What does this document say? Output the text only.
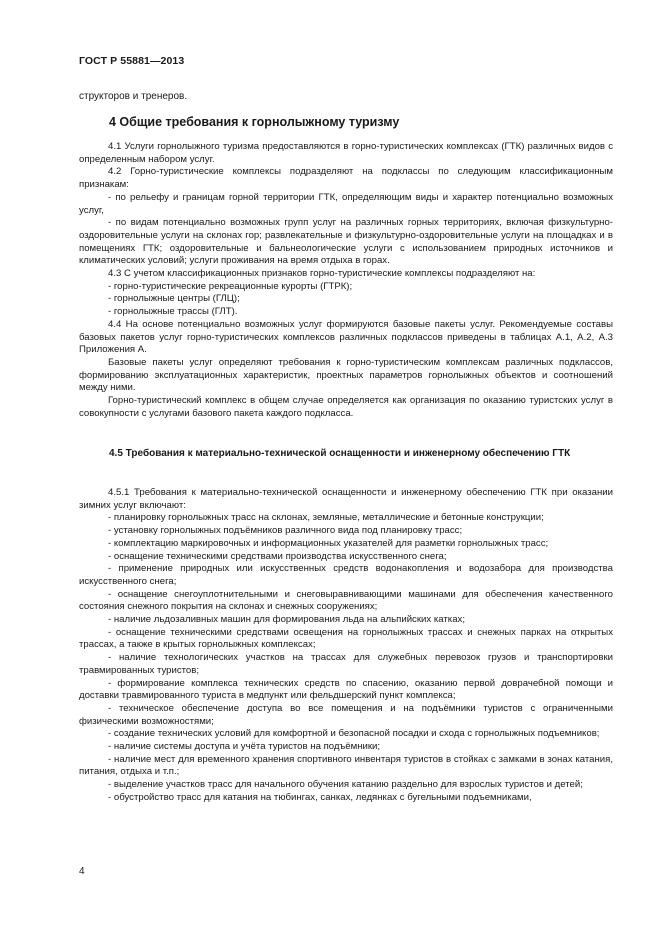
ГОСТ Р 55881—2013
структоров и тренеров.
4 Общие требования к горнолыжному туризму

4.1 Услуги горнолыжного туризма предоставляются в горно-туристических комплексах (ГТК) различных видов с определенным набором услуг.

4.2 Горно-туристические комплексы подразделяют на подклассы по следующим классификационным признакам:

- по рельефу и границам горной территории ГТК, определяющим виды и характер потенциально возможных услуг,

- по видам потенциально возможных групп услуг на различных горных территориях, включая физкультурно-оздоровительные услуги на склонах гор; развлекательные и физкультурно-оздоровительные услуги на площадках и в помещениях ГТК; оздоровительные и бальнеологические услуги с использованием природных источников и климатических условий; услуги проживания на время отдыха в горах.

4.3 С учетом классификационных признаков горно-туристические комплексы подразделяют на:

- горно-туристические рекреационные курорты (ГТРК);

- горнолыжные центры (ГЛЦ);

- горнолыжные трассы (ГЛТ).

4.4 На основе потенциально возможных услуг формируются базовые пакеты услуг. Рекомендуемые составы базовых пакетов услуг горно-туристических комплексов различных подклассов приведены в таблицах А.1, А.2, А.3 Приложения А.

Базовые пакеты услуг определяют требования к горно-туристическим комплексам различных подклассов, формированию эксплуатационных характеристик, проектных параметров горнолыжных объектов и соотношений между ними.

Горно-туристический комплекс в общем случае определяется как организация по оказанию туристских услуг в совокупности с услугами базового пакета каждого подкласса.

4.5 Требования к материально-технической оснащенности и инженерному обеспечению ГТК

4.5.1 Требования к материально-технической оснащенности и инженерному обеспечению ГТК при оказании зимних услуг включают:

- планировку горнолыжных трасс на склонах, земляные, металлические и бетонные конструкции;

- установку горнолыжных подъёмников различного вида под планировку трасс;

- комплектацию маркировочных и информационных указателей для разметки горнолыжных трасс;

- оснащение техническими средствами производства искусственного снега;

- применение природных или искусственных средств водонакопления и водозабора для производства искусственного снега;

- оснащение снегоуплотнительными и снеговыравнивающими машинами для обеспечения качественного состояния снежного покрытия на склонах и снежных сооружениях;

- наличие льдозаливных машин для формирования льда на альпийских катках;

- оснащение техническими средствами освещения на горнолыжных трассах и снежных парках на открытых трассах, а также в крытых горнолыжных комплексах;

- наличие технологических участков на трассах для служебных перевозок грузов и транспортировки травмированных туристов;

- формирование комплекса технических средств по спасению, оказанию первой доврачебной помощи и доставки травмированного туриста в медпункт или фельдшерский пункт комплекса;

- техническое обеспечение доступа во все помещения и на подъёмники туристов с ограниченными физическими возможностями;

- создание технических условий для комфортной и безопасной посадки и схода с горнолыжных подъемников;

- наличие системы доступа и учёта туристов на подъёмники;

- наличие мест для временного хранения спортивного инвентаря туристов в стойках с замками в зонах катания, питания, отдыха и т.п.;

- выделение участков трасс для начального обучения катанию раздельно для взрослых туристов и детей;

- обустройство трасс для катания на тюбингах, санках, ледянках с бугельными подъемниками,

4
